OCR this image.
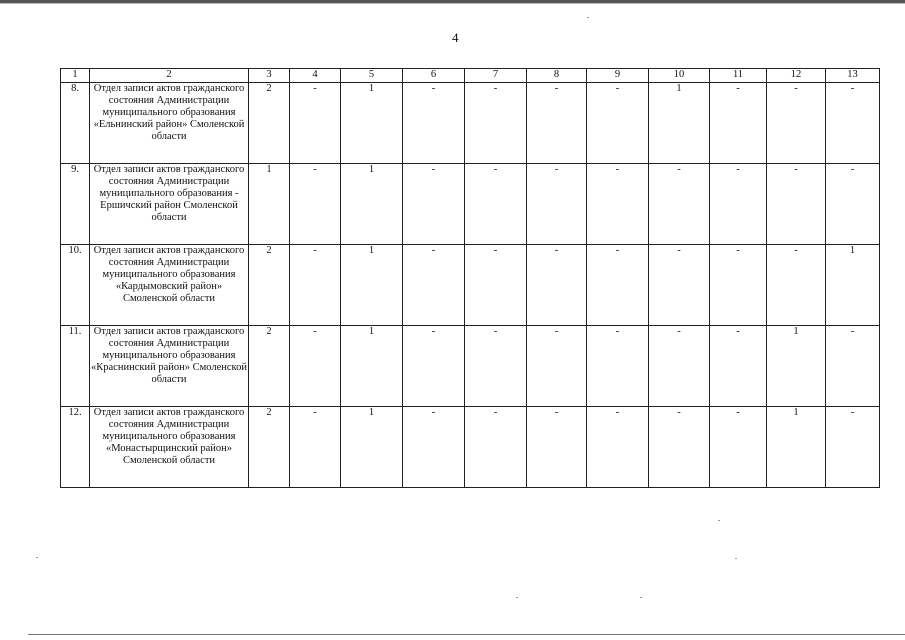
4
1	2	3	4	5	6	7	8	9	10	11	12	13
8.	Отдел записи актов гражданского состояния Администрации муниципального образования «Ельнинский район» Смоленской области	2	-	1	-	-	-	-	1	-	-	-
9.	Отдел записи актов гражданского состояния Администрации муниципального образования - Ершичский район Смоленской области	1	-	1	-	-	-	-	-	-	-	-
10.	Отдел записи актов гражданского состояния Администрации муниципального образования «Кардымовский район» Смоленской области	2	-	1	-	-	-	-	-	-	-	1
11.	Отдел записи актов гражданского состояния Администрации муниципального образования «Краснинский район» Смоленской области	2	-	1	-	-	-	-	-	-	1	-
12.	Отдел записи актов гражданского состояния Администрации муниципального образования «Монастырщинский район» Смоленской области	2	-	1	-	-	-	-	-	-	1	-
